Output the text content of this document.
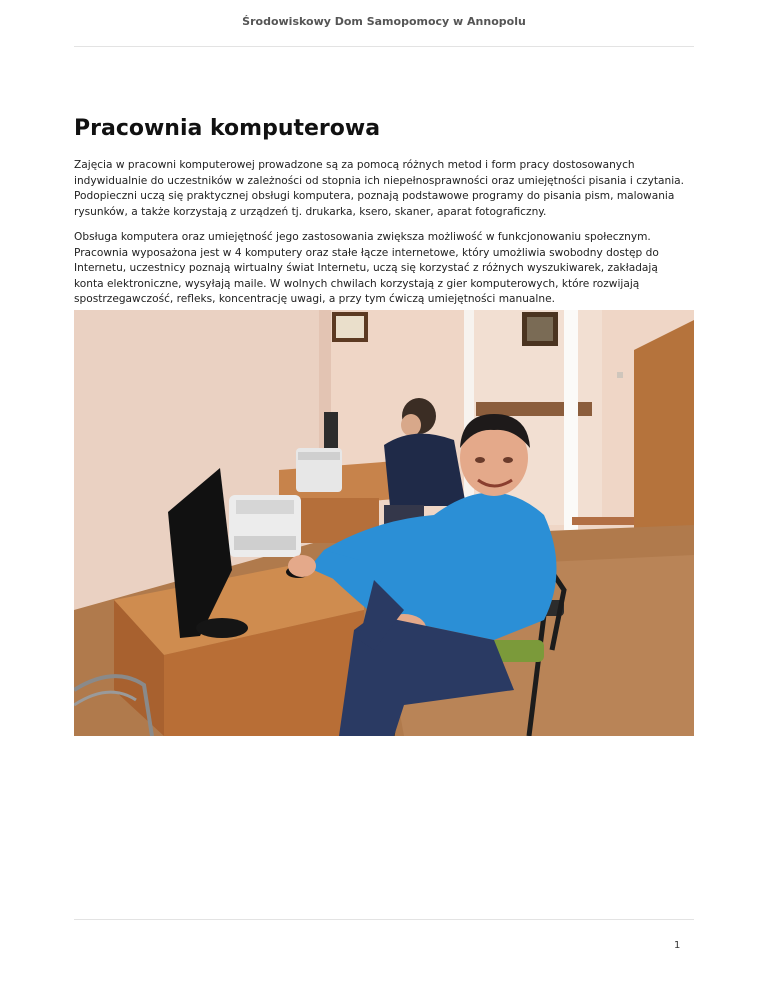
Środowiskowy Dom Samopomocy w Annopolu
Pracownia komputerowa

Zajęcia w pracowni komputerowej prowadzone są za pomocą różnych metod i form pracy dostosowanych indywidualnie do uczestników w zależności od stopnia ich niepełnosprawności oraz umiejętności pisania i czytania. Podopieczni uczą się praktycznej obsługi komputera, poznają podstawowe programy do pisania pism, malowania rysunków, a także korzystają z urządzeń tj. drukarka, ksero, skaner, aparat fotograficzny.

Obsługa komputera oraz umiejętność jego zastosowania zwiększa możliwość w funkcjonowaniu społecznym. Pracownia wyposażona jest w 4 komputery oraz stałe łącze internetowe, który umożliwia swobodny dostęp do Internetu, uczestnicy poznają wirtualny świat Internetu, uczą się korzystać z różnych wyszukiwarek, zakładają konta elektroniczne, wysyłają maile. W wolnych chwilach korzystają z gier komputerowych, które rozwijają spostrzegawczość, refleks, koncentrację uwagi, a przy tym ćwiczą umiejętności manualne.

1
